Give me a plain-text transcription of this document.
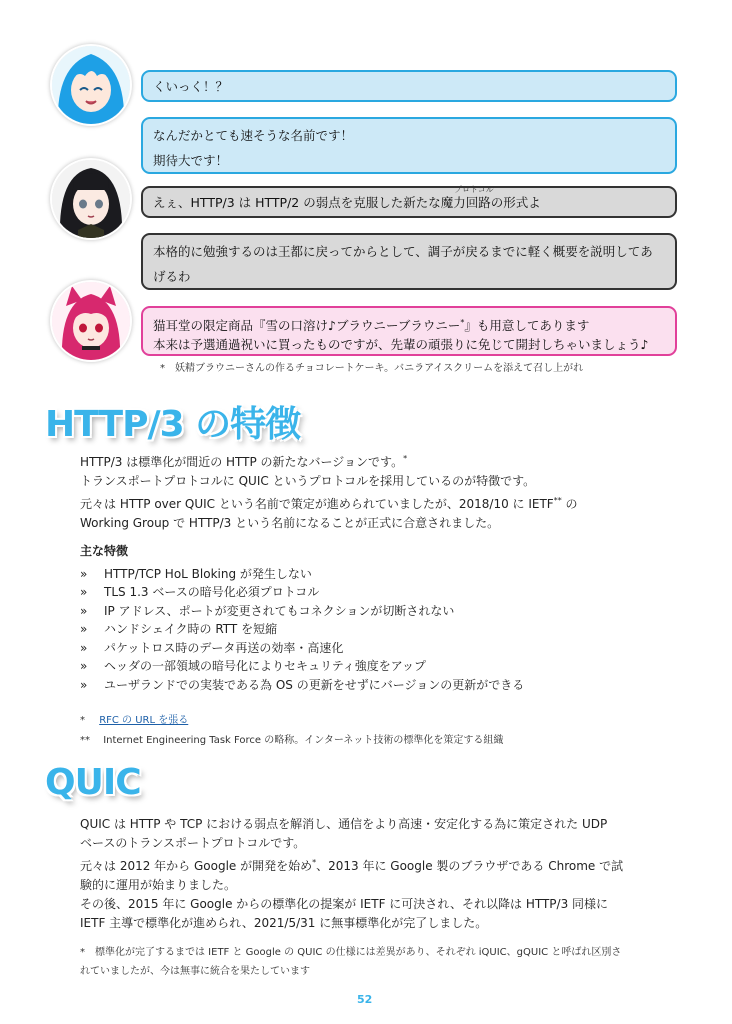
くいっく！？
なんだかとても速そうな名前です！
期待大です！
えぇ、HTTP/3 は HTTP/2 の弱点を克服した新たな魔力回路の形式よ
プロトコル
本格的に勉強するのは王都に戻ってからとして、調子が戻るまでに軽く概要を説明してあ
げるわ
猫耳堂の限定商品『雪の口溶け♪ブラウニーブラウニー*』も用意してあります
本来は予選通過祝いに買ったものですが、先輩の頑張りに免じて開封しちゃいましょう♪
*　妖精ブラウニーさんの作るチョコレートケーキ。バニラアイスクリームを添えて召し上がれ
HTTP/3 の特徴

HTTP/3 は標準化が間近の HTTP の新たなバージョンです。*

トランスポートプロトコルに QUIC というプロトコルを採用しているのが特徴です。

元々は HTTP over QUIC という名前で策定が進められていましたが、2018/10 に IETF** の

Working Group で HTTP/3 という名前になることが正式に合意されました。

主な特徴
» HTTP/TCP HoL Bloking が発生しない
» TLS 1.3 ベースの暗号化必須プロトコル
» IP アドレス、ポートが変更されてもコネクションが切断されない
» ハンドシェイク時の RTT を短縮
» パケットロス時のデータ再送の効率・高速化
» ヘッダの一部領域の暗号化によりセキュリティ強度をアップ
» ユーザランドでの実装である為 OS の更新をせずにバージョンの更新ができる
* RFC の URL を張る
** Internet Engineering Task Force の略称。インターネット技術の標準化を策定する組織
QUIC

QUIC は HTTP や TCP における弱点を解消し、通信をより高速・安定化する為に策定された UDP

ベースのトランスポートプロトコルです。

元々は 2012 年から Google が開発を始め*、2013 年に Google 製のブラウザである Chrome で試

験的に運用が始まりました。

その後、2015 年に Google からの標準化の提案が IETF に可決され、それ以降は HTTP/3 同様に

IETF 主導で標準化が進められ、2021/5/31 に無事標準化が完了しました。

*　標準化が完了するまでは IETF と Google の QUIC の仕様には差異があり、それぞれ iQUIC、gQUIC と呼ばれ区別さ
れていましたが、今は無事に統合を果たしています
52
